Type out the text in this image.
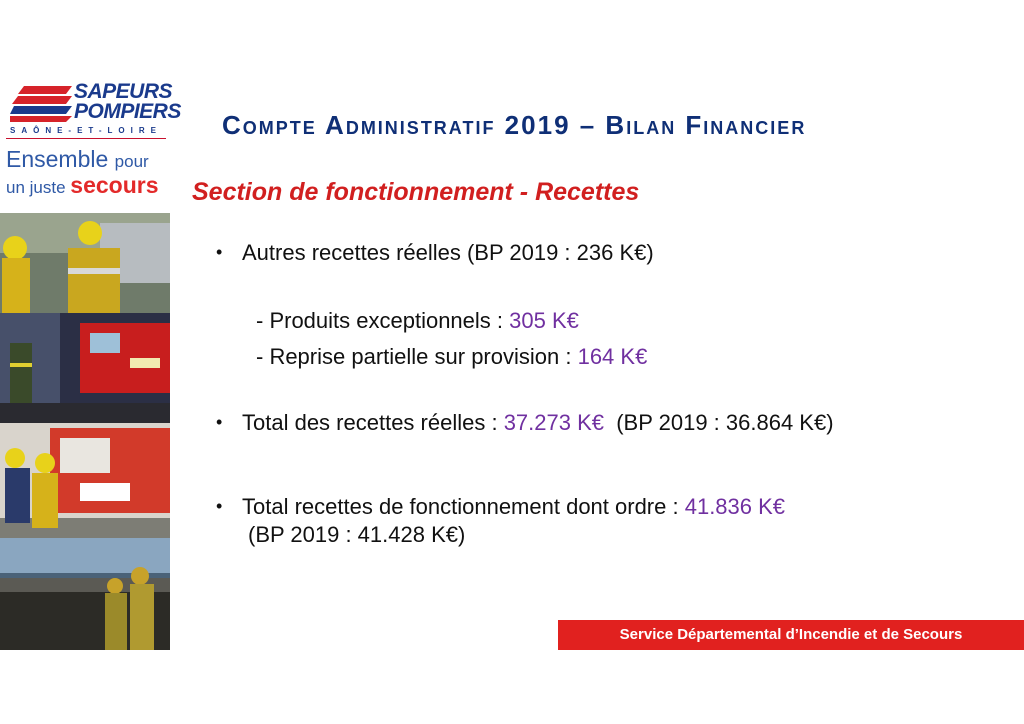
SAPEURS
POMPIERS
SAÔNE-ET-LOIRE
Ensemble pour
un juste secours
Compte Administratif 2019 – Bilan Financier
Section de fonctionnement - Recettes
• Autres recettes réelles (BP 2019 : 236 K€)
- Produits exceptionnels : 305 K€
- Reprise partielle sur provision : 164 K€
• Total des recettes réelles : 37.273 K€ (BP 2019 : 36.864 K€)
• Total recettes de fonctionnement dont ordre : 41.836 K€
(BP 2019 : 41.428 K€)
Service Départemental d’Incendie et de Secours
